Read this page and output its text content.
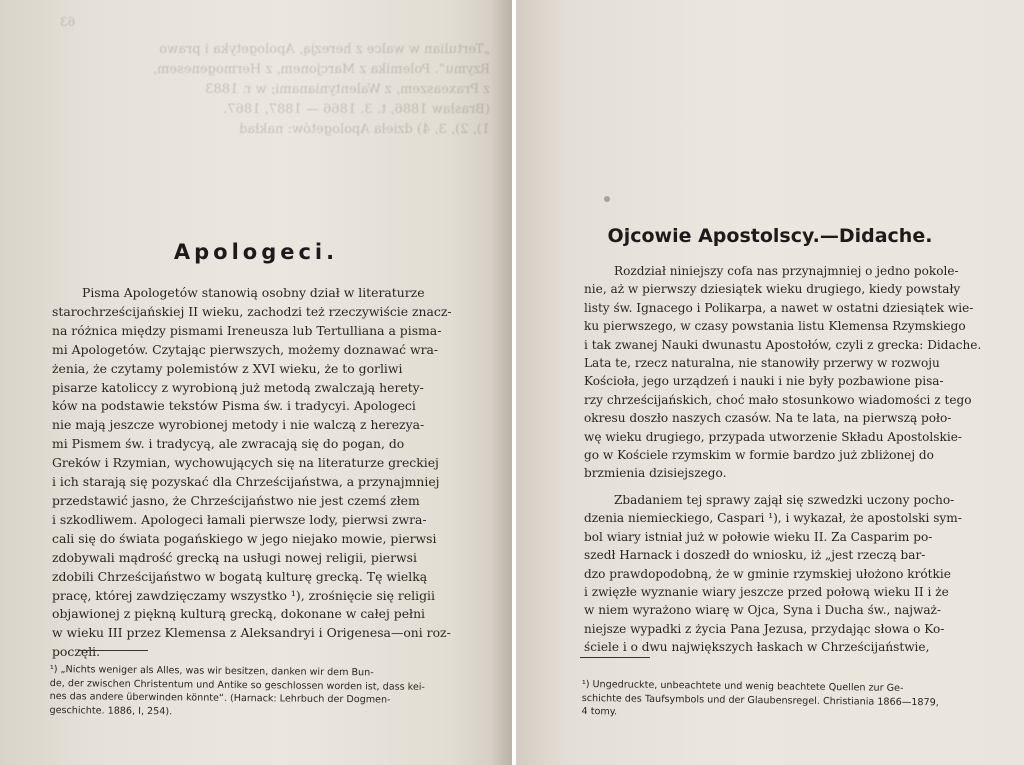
63
„Tertulian w walce z herezją, Apologetyka i prawo
Rzymu”. Polemika z Marcjonem, z Hermogenesem,
z Praxeaszem, z Walentynianami; w r. 1883
(Brasław 1886, t. 3. 1866 — 1887, 1867.
1), 2), 3, 4) dzieła Apologetów: nakład
Apologeci.

Pisma Apologetów stanowią osobny dział w literaturze
starochrześcijańskiej II wieku, zachodzi też rzeczywiście znacz-
na różnica między pismami Ireneusza lub Tertulliana a pisma-
mi Apologetów. Czytając pierwszych, możemy doznawać wra-
żenia, że czytamy polemistów z XVI wieku, że to gorliwi
pisarze katoliccy z wyrobioną już metodą zwalczają herety-
ków na podstawie tekstów Pisma św. i tradycyi. Apologeci
nie mają jeszcze wyrobionej metody i nie walczą z herezya-
mi Pismem św. i tradycyą, ale zwracają się do pogan, do
Greków i Rzymian, wychowujących się na literaturze greckiej
i ich starają się pozyskać dla Chrześcijaństwa, a przynajmniej
przedstawić jasno, że Chrześcijaństwo nie jest czemś złem
i szkodliwem. Apologeci łamali pierwsze lody, pierwsi zwra-
cali się do świata pogańskiego w jego niejako mowie, pierwsi
zdobywali mądrość grecką na usługi nowej religii, pierwsi
zdobili Chrześcijaństwo w bogatą kulturę grecką. Tę wielką
pracę, której zawdzięczamy wszystko ¹), zrośnięcie się religii
objawionej z piękną kulturą grecką, dokonane w całej pełni
w wieku III przez Klemensa z Aleksandryi i Origenesa—oni roz-
poczęli.

¹) „Nichts weniger als Alles, was wir besitzen, danken wir dem Bun-
de, der zwischen Christentum und Antike so geschlossen worden ist, dass kei-
nes das andere überwinden könnte“. (Harnack: Lehrbuch der Dogmen-
geschichte. 1886, I, 254).
Ojcowie Apostolscy.—Didache.

Rozdział niniejszy cofa nas przynajmniej o jedno pokole-
nie, aż w pierwszy dziesiątek wieku drugiego, kiedy powstały
listy św. Ignacego i Polikarpa, a nawet w ostatni dziesiątek wie-
ku pierwszego, w czasy powstania listu Klemensa Rzymskiego
i tak zwanej Nauki dwunastu Apostołów, czyli z grecka: Didache.
Lata te, rzecz naturalna, nie stanowiły przerwy w rozwoju
Kościoła, jego urządzeń i nauki i nie były pozbawione pisa-
rzy chrześcijańskich, choć mało stosunkowo wiadomości z tego
okresu doszło naszych czasów. Na te lata, na pierwszą poło-
wę wieku drugiego, przypada utworzenie Składu Apostolskie-
go w Kościele rzymskim w formie bardzo już zbliżonej do
brzmienia dzisiejszego.

Zbadaniem tej sprawy zajął się szwedzki uczony pocho-
dzenia niemieckiego, Caspari ¹), i wykazał, że apostolski sym-
bol wiary istniał już w połowie wieku II. Za Casparim po-
szedł Harnack i doszedł do wniosku, iż „jest rzeczą bar-
dzo prawdopodobną, że w gminie rzymskiej ułożono krótkie
i zwięzłe wyznanie wiary jeszcze przed połową wieku II i że
w niem wyrażono wiarę w Ojca, Syna i Ducha św., najważ-
niejsze wypadki z życia Pana Jezusa, przydając słowa o Ko-
ściele i o dwu największych łaskach w Chrześcijaństwie,

¹) Ungedruckte, unbeachtete und wenig beachtete Quellen zur Ge-
schichte des Taufsymbols und der Glaubensregel. Christiania 1866—1879,
4 tomy.
